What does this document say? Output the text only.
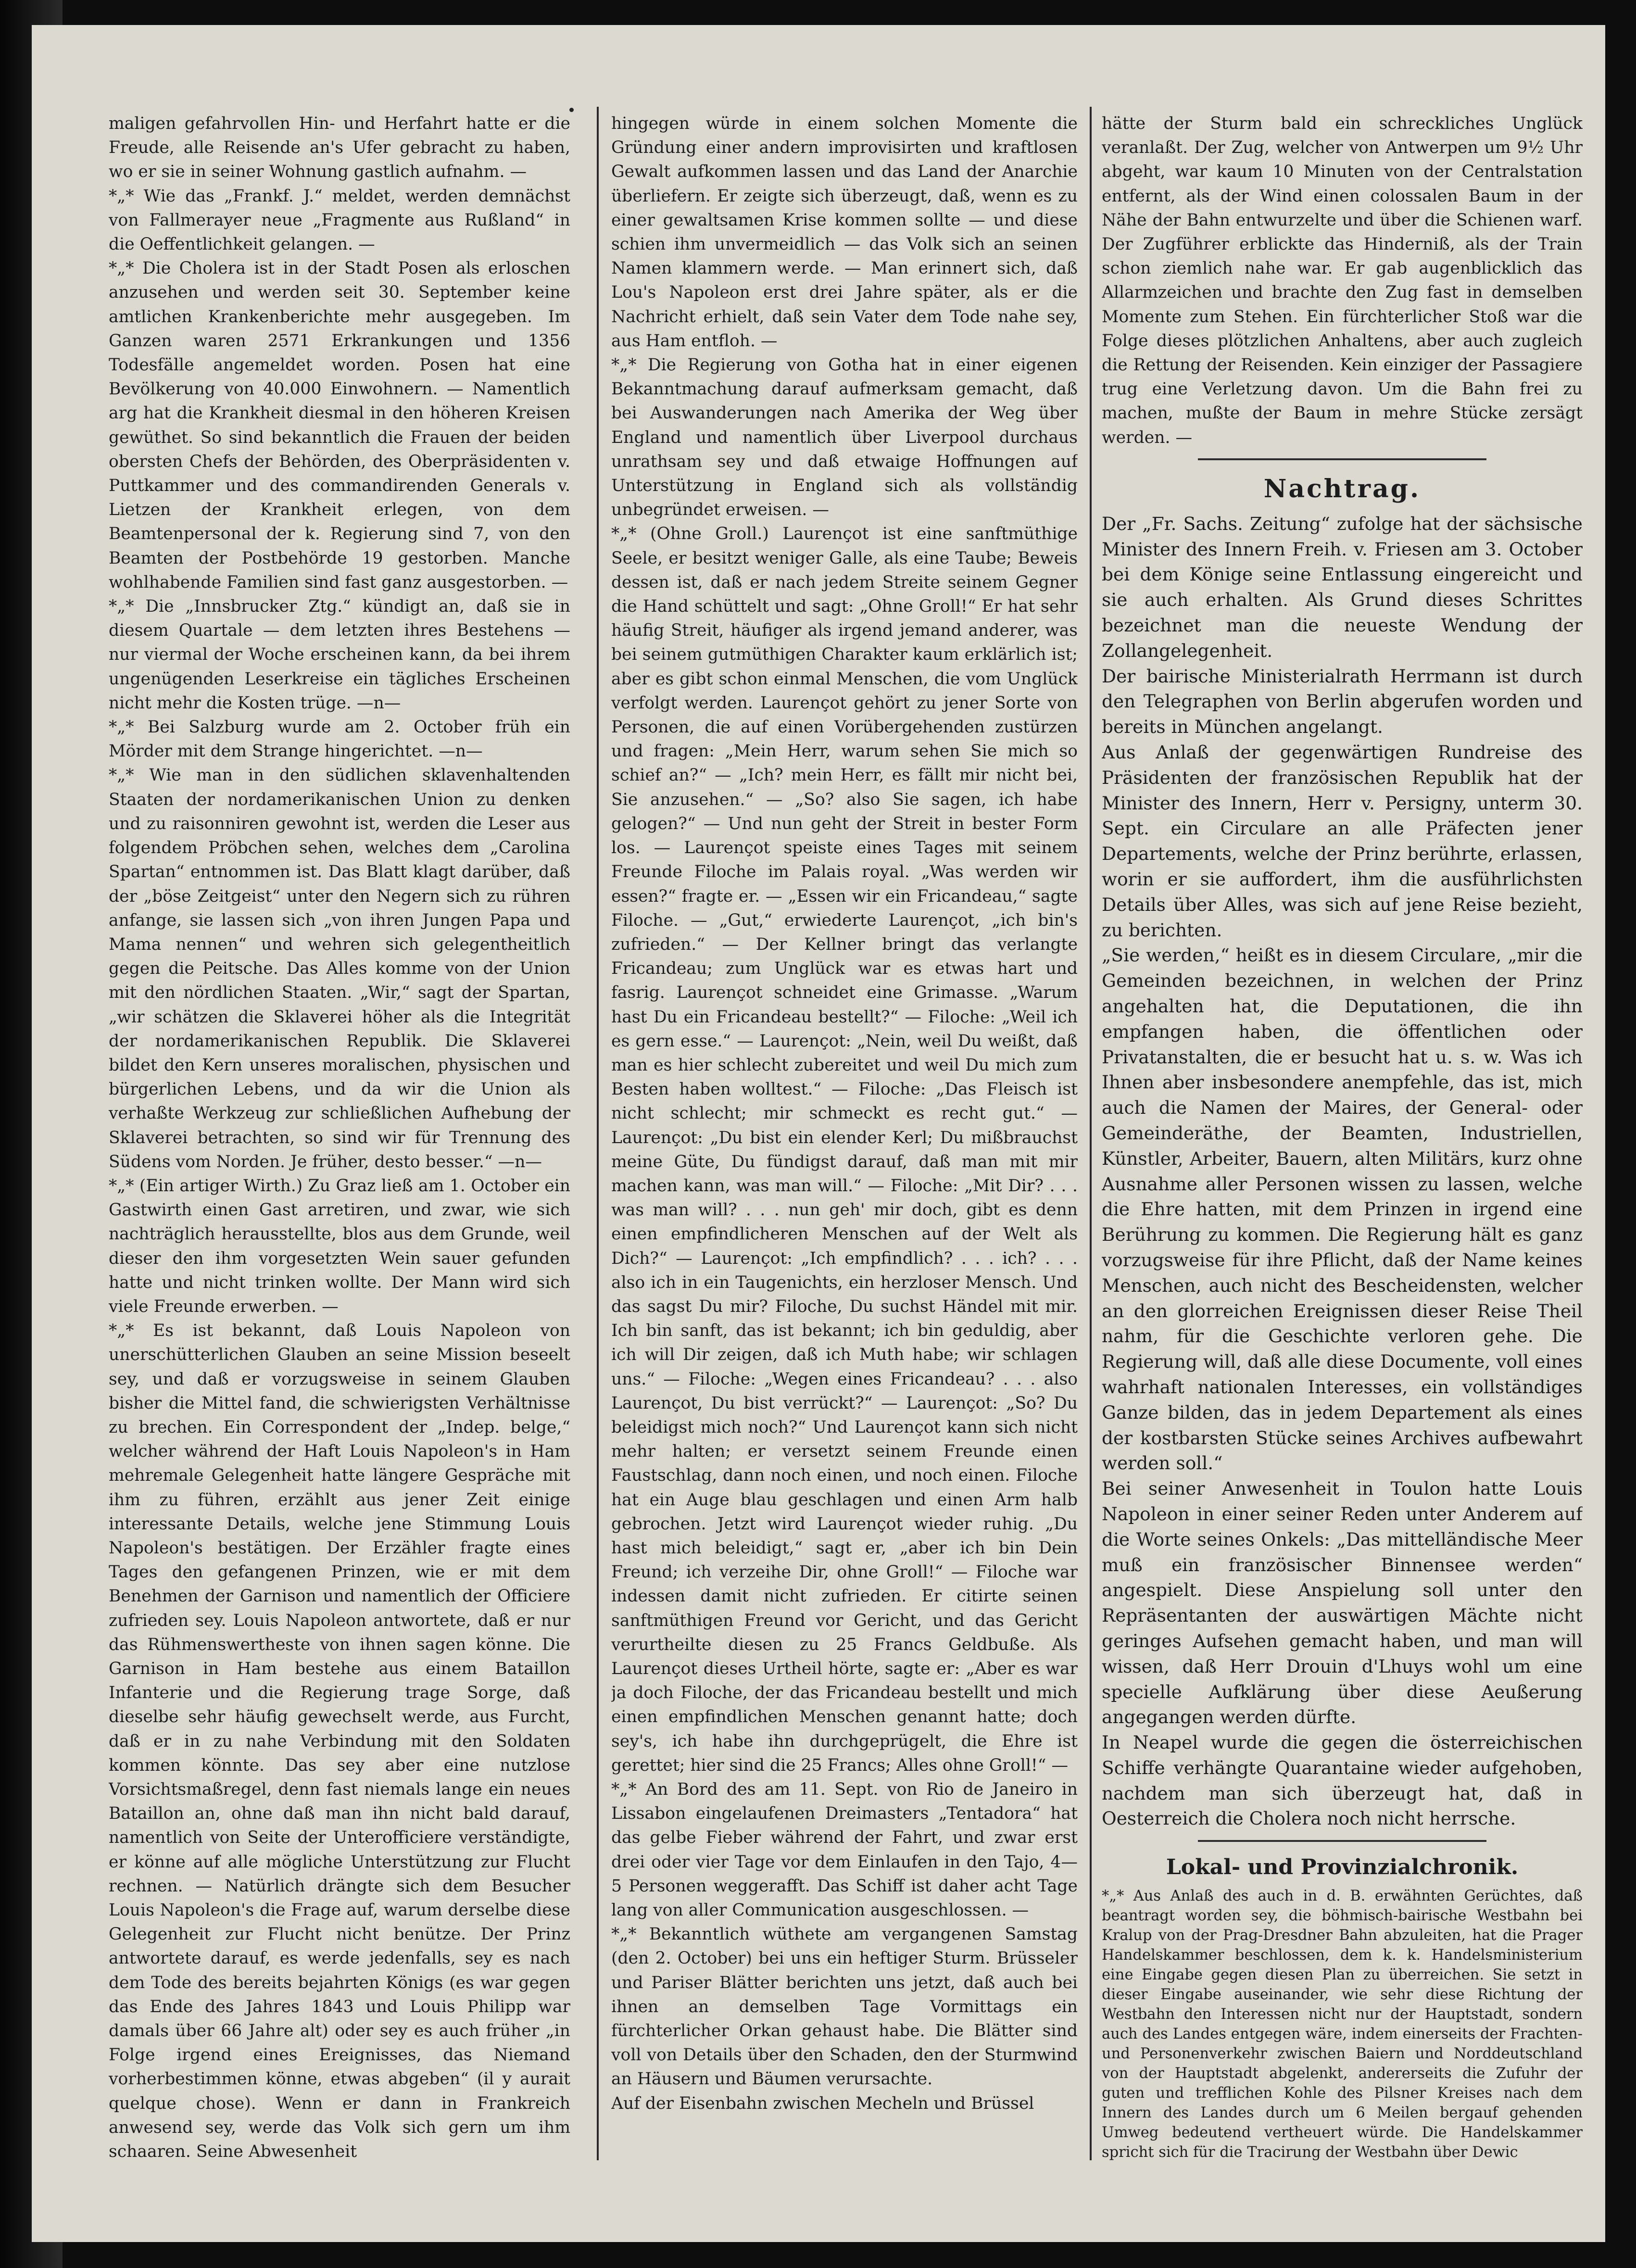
maligen gefahrvollen Hin- und Herfahrt hatte er die Freude, alle Reisende an's Ufer gebracht zu haben, wo er sie in seiner Wohnung gastlich aufnahm. —

*„* Wie das „Frankf. J.“ meldet, werden demnächst von Fallmerayer neue „Fragmente aus Rußland“ in die Oeffentlichkeit gelangen. —

*„* Die Cholera ist in der Stadt Posen als erloschen anzusehen und werden seit 30. September keine amtlichen Krankenberichte mehr ausgegeben. Im Ganzen waren 2571 Erkrankungen und 1356 Todesfälle angemeldet worden. Posen hat eine Bevölkerung von 40.000 Einwohnern. — Namentlich arg hat die Krankheit diesmal in den höheren Kreisen gewüthet. So sind bekanntlich die Frauen der beiden obersten Chefs der Behörden, des Oberpräsidenten v. Puttkammer und des commandirenden Generals v. Lietzen der Krankheit erlegen, von dem Beamtenpersonal der k. Regierung sind 7, von den Beamten der Postbehörde 19 gestorben. Manche wohlhabende Familien sind fast ganz ausgestorben. —

*„* Die „Innsbrucker Ztg.“ kündigt an, daß sie in diesem Quartale — dem letzten ihres Bestehens — nur viermal der Woche erscheinen kann, da bei ihrem ungenügenden Leserkreise ein tägliches Erscheinen nicht mehr die Kosten trüge. —n—

*„* Bei Salzburg wurde am 2. October früh ein Mörder mit dem Strange hingerichtet. —n—

*„* Wie man in den südlichen sklavenhaltenden Staaten der nordamerikanischen Union zu denken und zu raisonniren gewohnt ist, werden die Leser aus folgendem Pröbchen sehen, welches dem „Carolina Spartan“ entnommen ist. Das Blatt klagt darüber, daß der „böse Zeitgeist“ unter den Negern sich zu rühren anfange, sie lassen sich „von ihren Jungen Papa und Mama nennen“ und wehren sich gelegentheitlich gegen die Peitsche. Das Alles komme von der Union mit den nördlichen Staaten. „Wir,“ sagt der Spartan, „wir schätzen die Sklaverei höher als die Integrität der nordamerikanischen Republik. Die Sklaverei bildet den Kern unseres moralischen, physischen und bürgerlichen Lebens, und da wir die Union als verhaßte Werkzeug zur schließlichen Aufhebung der Sklaverei betrachten, so sind wir für Trennung des Südens vom Norden. Je früher, desto besser.“ —n—

*„* (Ein artiger Wirth.) Zu Graz ließ am 1. October ein Gastwirth einen Gast arretiren, und zwar, wie sich nachträglich herausstellte, blos aus dem Grunde, weil dieser den ihm vorgesetzten Wein sauer gefunden hatte und nicht trinken wollte. Der Mann wird sich viele Freunde erwerben. —

*„* Es ist bekannt, daß Louis Napoleon von unerschütterlichen Glauben an seine Mission beseelt sey, und daß er vorzugsweise in seinem Glauben bisher die Mittel fand, die schwierigsten Verhältnisse zu brechen. Ein Correspondent der „Indep. belge,“ welcher während der Haft Louis Napoleon's in Ham mehremale Gelegenheit hatte längere Gespräche mit ihm zu führen, erzählt aus jener Zeit einige interessante Details, welche jene Stimmung Louis Napoleon's bestätigen. Der Erzähler fragte eines Tages den gefangenen Prinzen, wie er mit dem Benehmen der Garnison und namentlich der Officiere zufrieden sey. Louis Napoleon antwortete, daß er nur das Rühmenswertheste von ihnen sagen könne. Die Garnison in Ham bestehe aus einem Bataillon Infanterie und die Regierung trage Sorge, daß dieselbe sehr häufig gewechselt werde, aus Furcht, daß er in zu nahe Verbindung mit den Soldaten kommen könnte. Das sey aber eine nutzlose Vorsichtsmaßregel, denn fast niemals lange ein neues Bataillon an, ohne daß man ihn nicht bald darauf, namentlich von Seite der Unterofficiere verständigte, er könne auf alle mögliche Unterstützung zur Flucht rechnen. — Natürlich drängte sich dem Besucher Louis Napoleon's die Frage auf, warum derselbe diese Gelegenheit zur Flucht nicht benütze. Der Prinz antwortete darauf, es werde jedenfalls, sey es nach dem Tode des bereits bejahrten Königs (es war gegen das Ende des Jahres 1843 und Louis Philipp war damals über 66 Jahre alt) oder sey es auch früher „in Folge irgend eines Ereignisses, das Niemand vorherbestimmen könne, etwas abgeben“ (il y aurait quelque chose). Wenn er dann in Frankreich anwesend sey, werde das Volk sich gern um ihm schaaren. Seine Abwesenheit

hingegen würde in einem solchen Momente die Gründung einer andern improvisirten und kraftlosen Gewalt aufkommen lassen und das Land der Anarchie überliefern. Er zeigte sich überzeugt, daß, wenn es zu einer gewaltsamen Krise kommen sollte — und diese schien ihm unvermeidlich — das Volk sich an seinen Namen klammern werde. — Man erinnert sich, daß Lou's Napoleon erst drei Jahre später, als er die Nachricht erhielt, daß sein Vater dem Tode nahe sey, aus Ham entfloh. —

*„* Die Regierung von Gotha hat in einer eigenen Bekanntmachung darauf aufmerksam gemacht, daß bei Auswanderungen nach Amerika der Weg über England und namentlich über Liverpool durchaus unrathsam sey und daß etwaige Hoffnungen auf Unterstützung in England sich als vollständig unbegründet erweisen. —

*„* (Ohne Groll.) Laurençot ist eine sanftmüthige Seele, er besitzt weniger Galle, als eine Taube; Beweis dessen ist, daß er nach jedem Streite seinem Gegner die Hand schüttelt und sagt: „Ohne Groll!“ Er hat sehr häufig Streit, häufiger als irgend jemand anderer, was bei seinem gutmüthigen Charakter kaum erklärlich ist; aber es gibt schon einmal Menschen, die vom Unglück verfolgt werden. Laurençot gehört zu jener Sorte von Personen, die auf einen Vorübergehenden zustürzen und fragen: „Mein Herr, warum sehen Sie mich so schief an?“ — „Ich? mein Herr, es fällt mir nicht bei, Sie anzusehen.“ — „So? also Sie sagen, ich habe gelogen?“ — Und nun geht der Streit in bester Form los. — Laurençot speiste eines Tages mit seinem Freunde Filoche im Palais royal. „Was werden wir essen?“ fragte er. — „Essen wir ein Fricandeau,“ sagte Filoche. — „Gut,“ erwiederte Laurençot, „ich bin's zufrieden.“ — Der Kellner bringt das verlangte Fricandeau; zum Unglück war es etwas hart und fasrig. Laurençot schneidet eine Grimasse. „Warum hast Du ein Fricandeau bestellt?“ — Filoche: „Weil ich es gern esse.“ — Laurençot: „Nein, weil Du weißt, daß man es hier schlecht zubereitet und weil Du mich zum Besten haben wolltest.“ — Filoche: „Das Fleisch ist nicht schlecht; mir schmeckt es recht gut.“ — Laurençot: „Du bist ein elender Kerl; Du mißbrauchst meine Güte, Du fündigst darauf, daß man mit mir machen kann, was man will.“ — Filoche: „Mit Dir? . . . was man will? . . . nun geh' mir doch, gibt es denn einen empfindlicheren Menschen auf der Welt als Dich?“ — Laurençot: „Ich empfindlich? . . . ich? . . . also ich in ein Taugenichts, ein herzloser Mensch. Und das sagst Du mir? Filoche, Du suchst Händel mit mir. Ich bin sanft, das ist bekannt; ich bin geduldig, aber ich will Dir zeigen, daß ich Muth habe; wir schlagen uns.“ — Filoche: „Wegen eines Fricandeau? . . . also Laurençot, Du bist verrückt?“ — Laurençot: „So? Du beleidigst mich noch?“ Und Laurençot kann sich nicht mehr halten; er versetzt seinem Freunde einen Faustschlag, dann noch einen, und noch einen. Filoche hat ein Auge blau geschlagen und einen Arm halb gebrochen. Jetzt wird Laurençot wieder ruhig. „Du hast mich beleidigt,“ sagt er, „aber ich bin Dein Freund; ich verzeihe Dir, ohne Groll!“ — Filoche war indessen damit nicht zufrieden. Er citirte seinen sanftmüthigen Freund vor Gericht, und das Gericht verurtheilte diesen zu 25 Francs Geldbuße. Als Laurençot dieses Urtheil hörte, sagte er: „Aber es war ja doch Filoche, der das Fricandeau bestellt und mich einen empfindlichen Menschen genannt hatte; doch sey's, ich habe ihn durchgeprügelt, die Ehre ist gerettet; hier sind die 25 Francs; Alles ohne Groll!“ —

*„* An Bord des am 11. Sept. von Rio de Janeiro in Lissabon eingelaufenen Dreimasters „Tentadora“ hat das gelbe Fieber während der Fahrt, und zwar erst drei oder vier Tage vor dem Einlaufen in den Tajo, 4—5 Personen weggerafft. Das Schiff ist daher acht Tage lang von aller Communication ausgeschlossen. —

*„* Bekanntlich wüthete am vergangenen Samstag (den 2. October) bei uns ein heftiger Sturm. Brüsseler und Pariser Blätter berichten uns jetzt, daß auch bei ihnen an demselben Tage Vormittags ein fürchterlicher Orkan gehaust habe. Die Blätter sind voll von Details über den Schaden, den der Sturmwind an Häusern und Bäumen verursachte.

Auf der Eisenbahn zwischen Mecheln und Brüssel

hätte der Sturm bald ein schreckliches Unglück veranlaßt. Der Zug, welcher von Antwerpen um 9½ Uhr abgeht, war kaum 10 Minuten von der Centralstation entfernt, als der Wind einen colossalen Baum in der Nähe der Bahn entwurzelte und über die Schienen warf. Der Zugführer erblickte das Hinderniß, als der Train schon ziemlich nahe war. Er gab augenblicklich das Allarmzeichen und brachte den Zug fast in demselben Momente zum Stehen. Ein fürchterlicher Stoß war die Folge dieses plötzlichen Anhaltens, aber auch zugleich die Rettung der Reisenden. Kein einziger der Passagiere trug eine Verletzung davon. Um die Bahn frei zu machen, mußte der Baum in mehre Stücke zersägt werden. —

Nachtrag.

Der „Fr. Sachs. Zeitung“ zufolge hat der sächsische Minister des Innern Freih. v. Friesen am 3. October bei dem Könige seine Entlassung eingereicht und sie auch erhalten. Als Grund dieses Schrittes bezeichnet man die neueste Wendung der Zollangelegenheit.

Der bairische Ministerialrath Herrmann ist durch den Telegraphen von Berlin abgerufen worden und bereits in München angelangt.

Aus Anlaß der gegenwärtigen Rundreise des Präsidenten der französischen Republik hat der Minister des Innern, Herr v. Persigny, unterm 30. Sept. ein Circulare an alle Präfecten jener Departements, welche der Prinz berührte, erlassen, worin er sie auffordert, ihm die ausführlichsten Details über Alles, was sich auf jene Reise bezieht, zu berichten.

„Sie werden,“ heißt es in diesem Circulare, „mir die Gemeinden bezeichnen, in welchen der Prinz angehalten hat, die Deputationen, die ihn empfangen haben, die öffentlichen oder Privatanstalten, die er besucht hat u. s. w. Was ich Ihnen aber insbesondere anempfehle, das ist, mich auch die Namen der Maires, der General- oder Gemeinderäthe, der Beamten, Industriellen, Künstler, Arbeiter, Bauern, alten Militärs, kurz ohne Ausnahme aller Personen wissen zu lassen, welche die Ehre hatten, mit dem Prinzen in irgend eine Berührung zu kommen. Die Regierung hält es ganz vorzugsweise für ihre Pflicht, daß der Name keines Menschen, auch nicht des Bescheidensten, welcher an den glorreichen Ereignissen dieser Reise Theil nahm, für die Geschichte verloren gehe. Die Regierung will, daß alle diese Documente, voll eines wahrhaft nationalen Interesses, ein vollständiges Ganze bilden, das in jedem Departement als eines der kostbarsten Stücke seines Archives aufbewahrt werden soll.“

Bei seiner Anwesenheit in Toulon hatte Louis Napoleon in einer seiner Reden unter Anderem auf die Worte seines Onkels: „Das mittelländische Meer muß ein französischer Binnensee werden“ angespielt. Diese Anspielung soll unter den Repräsentanten der auswärtigen Mächte nicht geringes Aufsehen gemacht haben, und man will wissen, daß Herr Drouin d'Lhuys wohl um eine specielle Aufklärung über diese Aeußerung angegangen werden dürfte.

In Neapel wurde die gegen die österreichischen Schiffe verhängte Quarantaine wieder aufgehoben, nachdem man sich überzeugt hat, daß in Oesterreich die Cholera noch nicht herrsche.

Lokal- und Provinzialchronik.

*„* Aus Anlaß des auch in d. B. erwähnten Gerüchtes, daß beantragt worden sey, die böhmisch-bairische Westbahn bei Kralup von der Prag-Dresdner Bahn abzuleiten, hat die Prager Handelskammer beschlossen, dem k. k. Handelsministerium eine Eingabe gegen diesen Plan zu überreichen. Sie setzt in dieser Eingabe auseinander, wie sehr diese Richtung der Westbahn den Interessen nicht nur der Hauptstadt, sondern auch des Landes entgegen wäre, indem einerseits der Frachten- und Personenverkehr zwischen Baiern und Norddeutschland von der Hauptstadt abgelenkt, andererseits die Zufuhr der guten und trefflichen Kohle des Pilsner Kreises nach dem Innern des Landes durch um 6 Meilen bergauf gehenden Umweg bedeutend vertheuert würde. Die Handelskammer spricht sich für die Tracirung der Westbahn über Dewic
